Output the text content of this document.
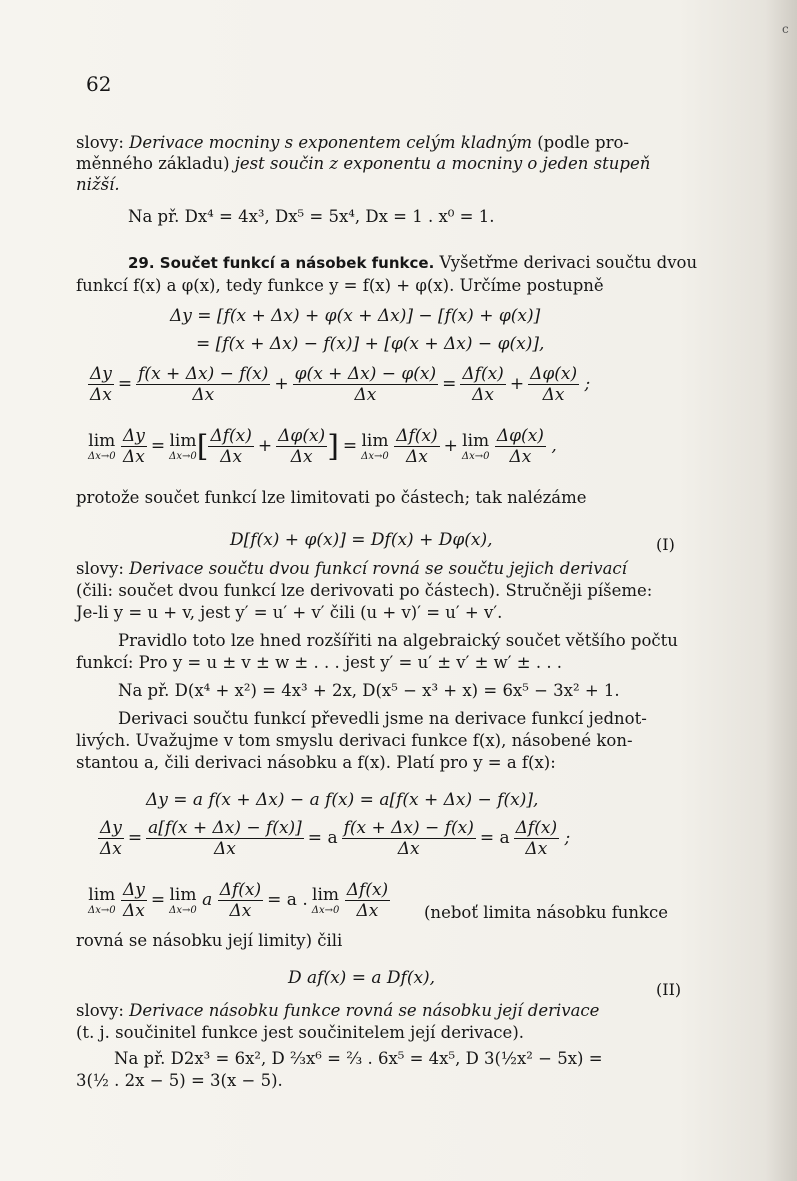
c
62
slovy: Derivace mocniny s exponentem celým kladným (podle pro-
měnného základu) jest součin z exponentu a mocniny o jeden stupeň
nižší.
Na př. Dx⁴ = 4x³, Dx⁵ = 5x⁴, Dx = 1 . x⁰ = 1.
29. Součet funkcí a násobek funkce. Vyšetřme derivaci součtu dvou
funkcí f(x) a φ(x), tedy funkce y = f(x) + φ(x). Určíme postupně
Δy = [f(x + Δx) + φ(x + Δx)] − [f(x) + φ(x)]
= [f(x + Δx) − f(x)] + [φ(x + Δx) − φ(x)],
$\frac{\Delta y}{\Delta x} = \frac{f(x + \Delta x) - f(x)}{\Delta x} + \frac{\varphi(x + \Delta x) - \varphi(x)}{\Delta x} = \frac{\Delta f(x)}{\Delta x} + \frac{\Delta\varphi(x)}{\Delta x}$ ;
lim
Δx→0
$\frac{\Delta y}{\Delta x} = \lim$
Δx→0 [ $\frac{\Delta f(x)}{\Delta x} + \frac{\Delta\varphi(x)}{\Delta x}$ ] = lim
Δx→0
$\frac{\Delta f(x)}{\Delta x} + \lim$
Δx→0
$\frac{\Delta\varphi(x)}{\Delta x}$ ,
protože součet funkcí lze limitovati po částech; tak nalézáme
D[f(x) + φ(x)] = Df(x) + Dφ(x),	(I)
slovy: Derivace součtu dvou funkcí rovná se součtu jejich derivací
(čili: součet dvou funkcí lze derivovati po částech). Stručněji píšeme:
Je-li y = u + v, jest y′ = u′ + v′ čili (u + v)′ = u′ + v′.
Pravidlo toto lze hned rozšířiti na algebraický součet většího počtu
funkcí: Pro y = u ± v ± w ± . . . jest y′ = u′ ± v′ ± w′ ± . . .
Na př. D(x⁴ + x²) = 4x³ + 2x, D(x⁵ − x³ + x) = 6x⁵ − 3x² + 1.
Derivaci součtu funkcí převedli jsme na derivace funkcí jednot-
livých. Uvažujme v tom smyslu derivaci funkce f(x), násobené kon-
stantou a, čili derivaci násobku a f(x). Platí pro y = a f(x):
Δy = a f(x + Δx) − a f(x) = a[f(x + Δx) − f(x)],
$\frac{\Delta y}{\Delta x} = \frac{a[f(x + \Delta x) - f(x)]}{\Delta x} = a \frac{f(x + \Delta x) - f(x)}{\Delta x} = a \frac{\Delta f(x)}{\Delta x}$ ;
lim
Δx→0
$\frac{\Delta y}{\Delta x} = \lim$
Δx→0
a $\frac{\Delta f(x)}{\Delta x} = a$ . lim
Δx→0
$\frac{\Delta f(x)}{\Delta x}$ (neboť limita násobku funkce
rovná se násobku její limity) čili
D af(x) = a Df(x),
(II)
slovy: Derivace násobku funkce rovná se násobku její derivace
(t. j. součinitel funkce jest součinitelem její derivace).
Na př. D2x³ = 6x², D ⅔x⁶ = ⅔ . 6x⁵ = 4x⁵, D 3(½x² − 5x) =
3(½ . 2x − 5) = 3(x − 5).
